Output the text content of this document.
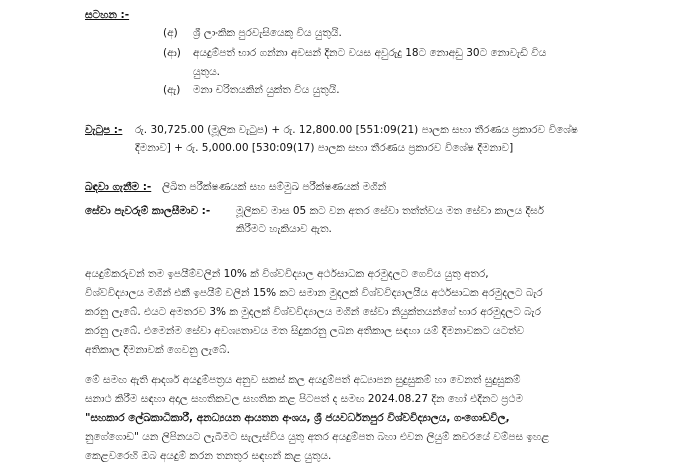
සටහන :-
(අ) ශ්‍රී ලාංකික පුරවැසියෙකු විය යුතුයි.
(ආ) අයදුම්පත් භාර ගන්නා අවසන් දිනට වයස අවුරුදු 18ට නොඅඩු 30ට නොවැඩි විය
යුතුය.
(ඇ) මනා චරිතයකින් යුක්ත විය යුතුයි.
වැටුප :- රු. 30,725.00 (මූලික වැටුප) + රු. 12,800.00 [551:09(21) පාලක සභා තීරණය ප්‍රකාරව විශේෂ
දීමනාව] + රු. 5,000.00 [530:09(17) පාලක සභා තීරණය ප්‍රකාරව විශේෂ දීමනාව]
බඳවා ගැනීම :- ලිඛිත පරීක්ෂණයක් සහ සම්මුඛ පරීක්ෂණයක් මගින්
සේවා පැවරුම් කාලසීමාව :- මූලිකව මාස 05 කට වන අතර සේවා තත්ත්වය මත සේවා කාලය දීර්ඝ
කිරීමට හැකියාව ඇත.
අයදුම්කරුවන් තම ඉපයීම්වලින් 10% ක් විශ්වවිද්‍යාල අර්ථසාධක අරමුදලට ගෙවිය යුතු අතර,
විශ්වවිද්‍යාලය මගින් එකී ඉපයීම් වලින් 15% කට සමාන මුදලක් විශ්වවිද්‍යාලයීය අර්ථසාධක අරමුදලට බැර
කරනු ලැබේ. එයට අමතරව 3% ක මුදලක් විශ්වවිද්‍යාලය මගින් සේවා නියුක්තයන්ගේ භාර අරමුදලට බැර
කරනු ලැබේ. එමෙන්ම සේවා අවශ්‍යතාවය මත සිදුකරනු ලබන අතිකාල සඳහා යම් දීමනාවකට යටත්ව
අතිකාල දීමනාවක් ගෙවනු ලැබේ.
මේ සමඟ ඇති ආදර්ශ අයදුම්පත්‍රය අනුව සකස් කල අයදුම්පත් අධ්‍යාපන සුදුසුකම් හා වෙනත් සුදුසුකම්
සනාථ කිරීම සඳහා අදාල සහතිකවල සහතික කළ පිටපත් ද සමඟ 2024.08.27 දින හෝ එදිනට ප්‍රථම
"සහකාර ලේඛකාධිකාරී, අනධ්‍යයන ආයතන අංශය, ශ්‍රී ජයවර්ධනපුර විශ්වවිද්‍යාලය, ගංගොඩවිල,
නුගේගොඩ" යන ලිපිනයට ලැබීමට සැලැස්විය යුතු අතර අයදුම්පත බහා එවන ලියුම් කවරයේ වම්පස ඉහළ
කෙළවරෙහි ඔබ අයදුම් කරන තනතුර සඳහන් කළ යුතුය.
